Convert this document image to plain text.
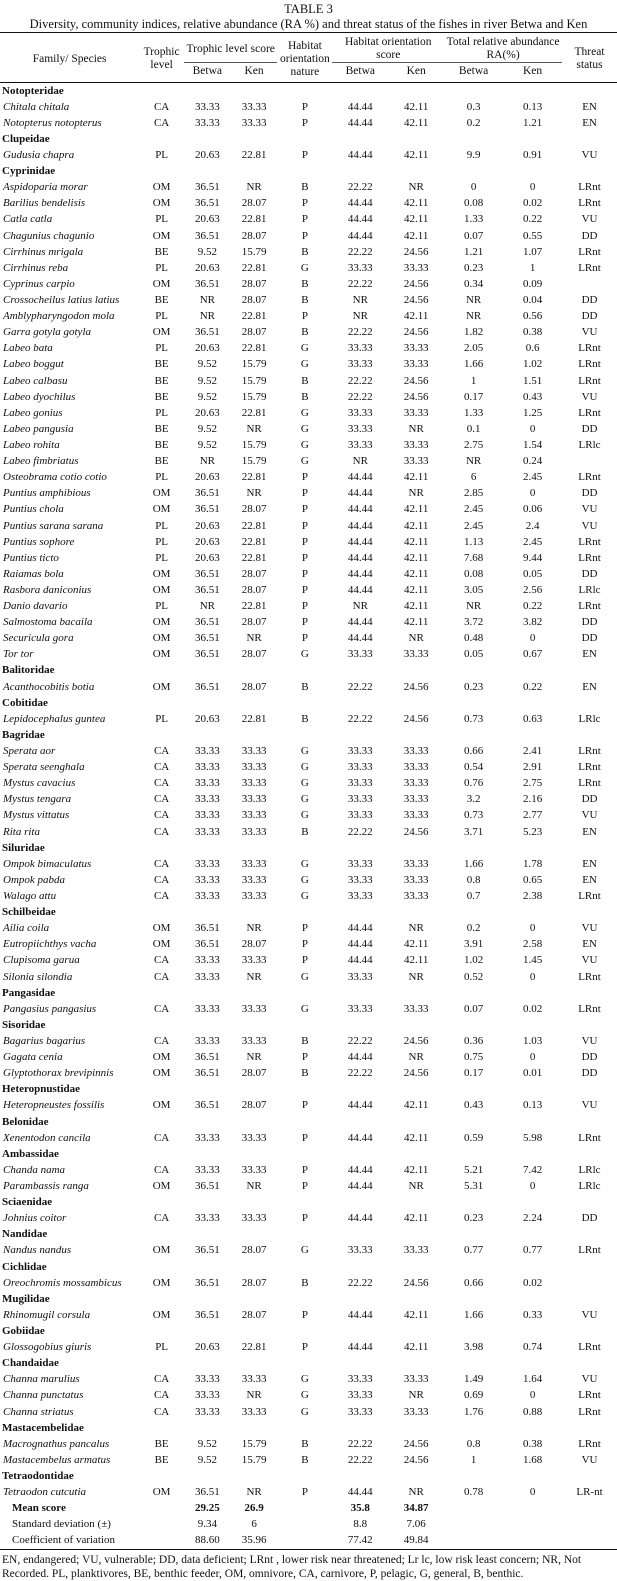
TABLE 3
Diversity, community indices, relative abundance (RA %) and threat status of the fishes in river Betwa and Ken
Family/ Species	Trophic level	Trophic level score		Habitat orientation nature	Habitat orientation score		Total relative abundance RA(%)		Threat status
		Betwa	Ken		Betwa	Ken	Betwa	Ken	
Notopteridae									
Chitala chitala	CA	33.33	33.33	P	44.44	42.11	0.3	0.13	EN
Notopterus notopterus	CA	33.33	33.33	P	44.44	42.11	0.2	1.21	EN
Clupeidae									
Gudusia chapra	PL	20.63	22.81	P	44.44	42.11	9.9	0.91	VU
Cyprinidae									
Aspidoparia morar	OM	36.51	NR	B	22.22	NR	0	0	LRnt
Barilius bendelisis	OM	36.51	28.07	P	44.44	42.11	0.08	0.02	LRnt
Catla catla	PL	20.63	22.81	P	44.44	42.11	1.33	0.22	VU
Chagunius chagunio	OM	36.51	28.07	P	44.44	42.11	0.07	0.55	DD
Cirrhinus mrigala	BE	9.52	15.79	B	22.22	24.56	1.21	1.07	LRnt
Cirrhinus reba	PL	20.63	22.81	G	33.33	33.33	0.23	1	LRnt
Cyprinus carpio	OM	36.51	28.07	B	22.22	24.56	0.34	0.09	
Crossocheilus latius latius	BE	NR	28.07	B	NR	24.56	NR	0.04	DD
Amblypharyngodon mola	PL	NR	22.81	P	NR	42.11	NR	0.56	DD
Garra gotyla gotyla	OM	36.51	28.07	B	22.22	24.56	1.82	0.38	VU
Labeo bata	PL	20.63	22.81	G	33.33	33.33	2.05	0.6	LRnt
Labeo boggut	BE	9.52	15.79	G	33.33	33.33	1.66	1.02	LRnt
Labeo calbasu	BE	9.52	15.79	B	22.22	24.56	1	1.51	LRnt
Labeo dyochilus	BE	9.52	15.79	B	22.22	24.56	0.17	0.43	VU
Labeo gonius	PL	20.63	22.81	G	33.33	33.33	1.33	1.25	LRnt
Labeo pangusia	BE	9.52	NR	G	33.33	NR	0.1	0	DD
Labeo rohita	BE	9.52	15.79	G	33.33	33.33	2.75	1.54	LRlc
Labeo fimbriatus	BE	NR	15.79	G	NR	33.33	NR	0.24	
Osteobrama cotio cotio	PL	20.63	22.81	P	44.44	42.11	6	2.45	LRnt
Puntius amphibious	OM	36.51	NR	P	44.44	NR	2.85	0	DD
Puntius chola	OM	36.51	28.07	P	44.44	42.11	2.45	0.06	VU
Puntius sarana sarana	PL	20.63	22.81	P	44.44	42.11	2.45	2.4	VU
Puntius sophore	PL	20.63	22.81	P	44.44	42.11	1.13	2.45	LRnt
Puntius ticto	PL	20.63	22.81	P	44.44	42.11	7.68	9.44	LRnt
Raiamas bola	OM	36.51	28.07	P	44.44	42.11	0.08	0.05	DD
Rasbora daniconius	OM	36.51	28.07	P	44.44	42.11	3.05	2.56	LRlc
Danio davario	PL	NR	22.81	P	NR	42.11	NR	0.22	LRnt
Salmostoma bacaila	OM	36.51	28.07	P	44.44	42.11	3.72	3.82	DD
Securicula gora	OM	36.51	NR	P	44.44	NR	0.48	0	DD
Tor tor	OM	36.51	28.07	G	33.33	33.33	0.05	0.67	EN
Balitoridae									
Acanthocobitis botia	OM	36.51	28.07	B	22.22	24.56	0.23	0.22	EN
Cobitidae									
Lepidocephalus guntea	PL	20.63	22.81	B	22.22	24.56	0.73	0.63	LRlc
Bagridae									
Sperata aor	CA	33.33	33.33	G	33.33	33.33	0.66	2.41	LRnt
Sperata seenghala	CA	33.33	33.33	G	33.33	33.33	0.54	2.91	LRnt
Mystus cavacius	CA	33.33	33.33	G	33.33	33.33	0.76	2.75	LRnt
Mystus tengara	CA	33.33	33.33	G	33.33	33.33	3.2	2.16	DD
Mystus vittatus	CA	33.33	33.33	G	33.33	33.33	0.73	2.77	VU
Rita rita	CA	33.33	33.33	B	22.22	24.56	3.71	5.23	EN
Siluridae									
Ompok bimaculatus	CA	33.33	33.33	G	33.33	33.33	1.66	1.78	EN
Ompok pabda	CA	33.33	33.33	G	33.33	33.33	0.8	0.65	EN
Walago attu	CA	33.33	33.33	G	33.33	33.33	0.7	2.38	LRnt
Schilbeidae									
Ailia coila	OM	36.51	NR	P	44.44	NR	0.2	0	VU
Eutropiichthys vacha	OM	36.51	28.07	P	44.44	42.11	3.91	2.58	EN
Clupisoma garua	CA	33.33	33.33	P	44.44	42.11	1.02	1.45	VU
Silonia silondia	CA	33.33	NR	G	33.33	NR	0.52	0	LRnt
Pangasidae									
Pangasius pangasius	CA	33.33	33.33	G	33.33	33.33	0.07	0.02	LRnt
Sisoridae									
Bagarius bagarius	CA	33.33	33.33	B	22.22	24.56	0.36	1.03	VU
Gagata cenia	OM	36.51	NR	P	44.44	NR	0.75	0	DD
Glyptothorax brevipinnis	OM	36.51	28.07	B	22.22	24.56	0.17	0.01	DD
Heteropnustidae									
Heteropneustes fossilis	OM	36.51	28.07	P	44.44	42.11	0.43	0.13	VU
Belonidae									
Xenentodon cancila	CA	33.33	33.33	P	44.44	42.11	0.59	5.98	LRnt
Ambassidae									
Chanda nama	CA	33.33	33.33	P	44.44	42.11	5.21	7.42	LRlc
Parambassis ranga	OM	36.51	NR	P	44.44	NR	5.31	0	LRlc
Sciaenidae									
Johnius coitor	CA	33.33	33.33	P	44.44	42.11	0.23	2.24	DD
Nandidae									
Nandus nandus	OM	36.51	28.07	G	33.33	33.33	0.77	0.77	LRnt
Cichlidae									
Oreochromis mossambicus	OM	36.51	28.07	B	22.22	24.56	0.66	0.02	
Mugilidae									
Rhinomugil corsula	OM	36.51	28.07	P	44.44	42.11	1.66	0.33	VU
Gobiidae									
Glossogobius giuris	PL	20.63	22.81	P	44.44	42.11	3.98	0.74	LRnt
Chandaidae									
Channa marulius	CA	33.33	33.33	G	33.33	33.33	1.49	1.64	VU
Channa punctatus	CA	33.33	NR	G	33.33	NR	0.69	0	LRnt
Channa striatus	CA	33.33	33.33	G	33.33	33.33	1.76	0.88	LRnt
Mastacembelidae									
Macrognathus pancalus	BE	9.52	15.79	B	22.22	24.56	0.8	0.38	LRnt
Mastacembelus armatus	BE	9.52	15.79	B	22.22	24.56	1	1.68	VU
Tetraodontidae									
Tetraodon cutcutia	OM	36.51	NR	P	44.44	NR	0.78	0	LR-nt
Mean score		29.25	26.9		35.8	34.87			
Standard deviation (±)		9.34	6		8.8	7.06			
Coefficient of variation		88.60	35.96		77.42	49.84			
EN, endangered; VU, vulnerable; DD, data deficient; LRnt , lower risk near threatened; Lr lc, low risk least concern; NR, Not Recorded. PL, planktivores, BE, benthic feeder, OM, omnivore, CA, carnivore, P, pelagic, G, general, B, benthic.
